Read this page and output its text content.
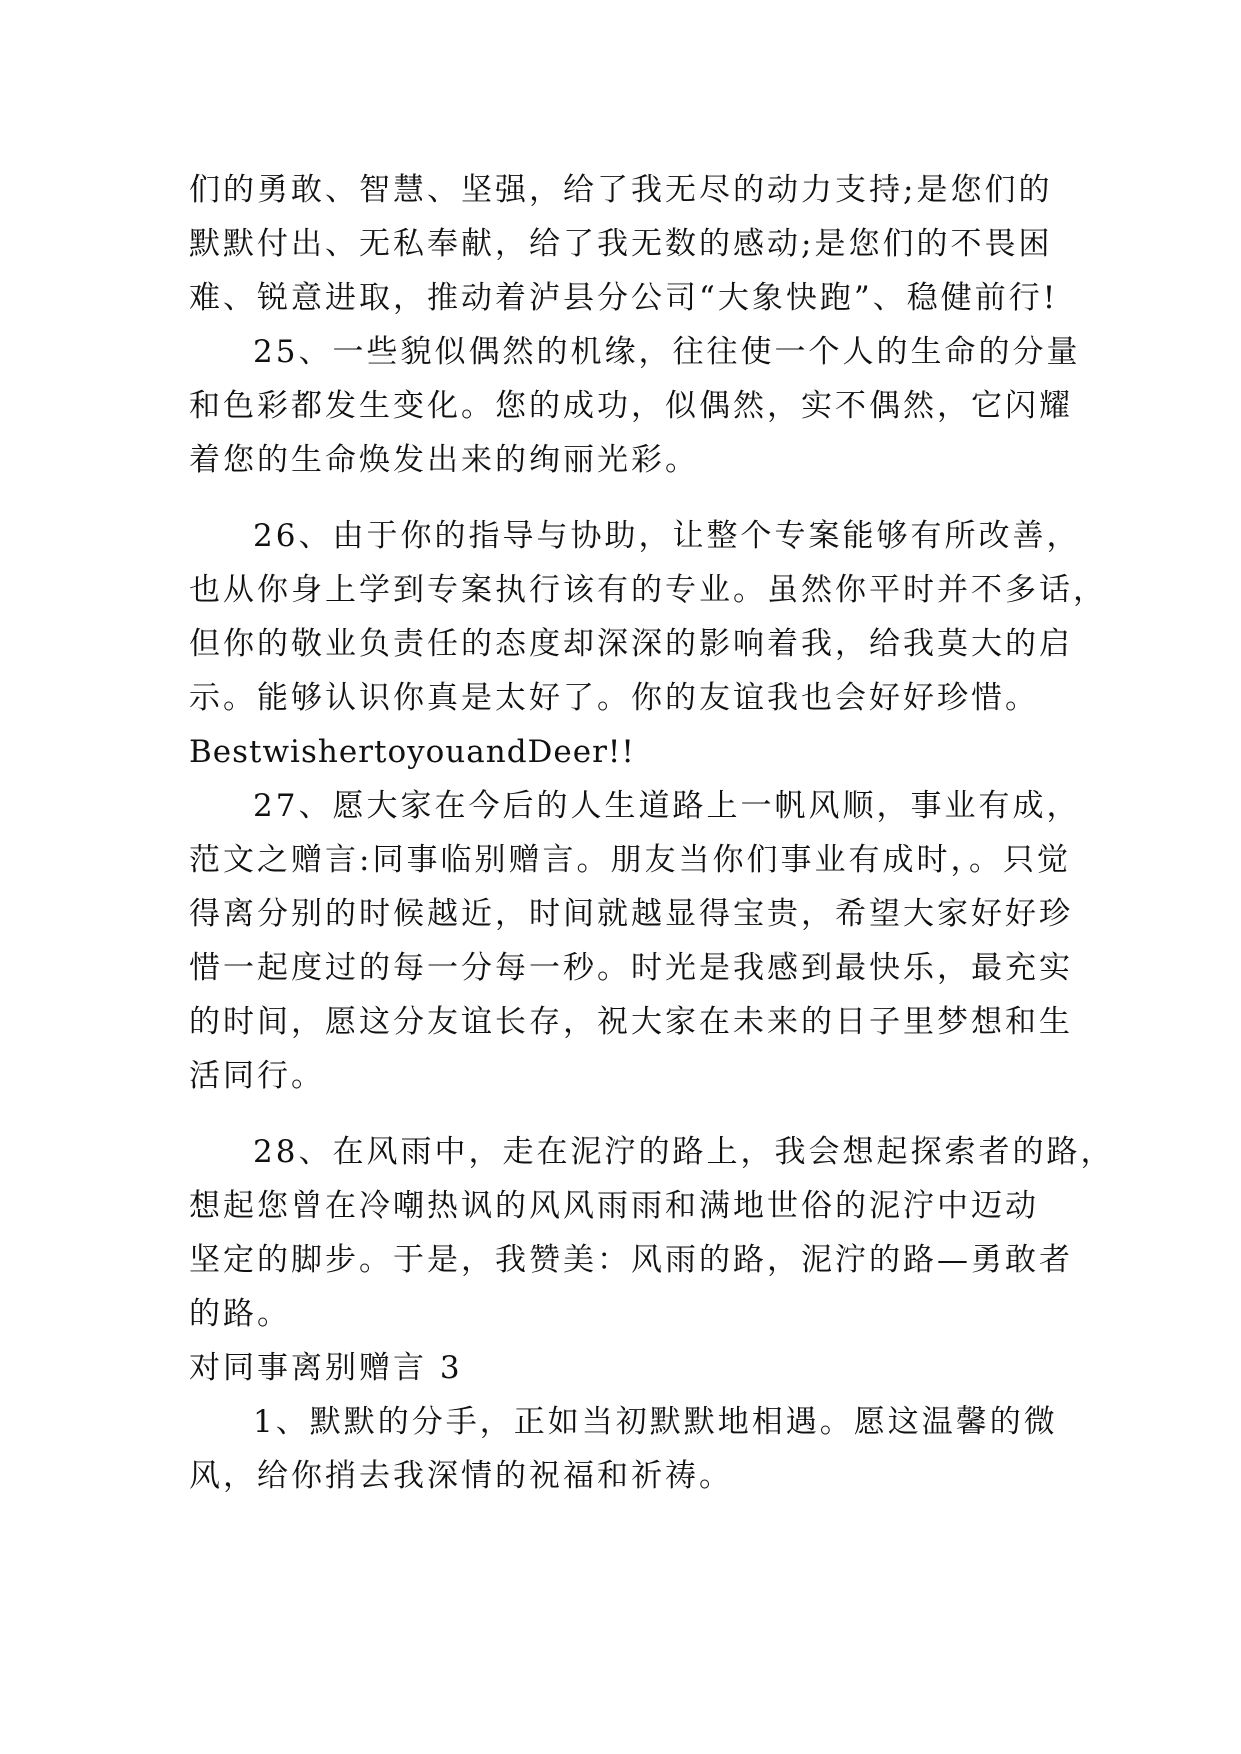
们的勇敢、智慧、坚强，给了我无尽的动力支持;是您们的
默默付出、无私奉献，给了我无数的感动;是您们的不畏困
难、锐意进取，推动着泸县分公司“大象快跑”、稳健前行!
25、一些貌似偶然的机缘，往往使一个人的生命的分量
和色彩都发生变化。您的成功，似偶然，实不偶然，它闪耀
着您的生命焕发出来的绚丽光彩。
26、由于你的指导与协助，让整个专案能够有所改善，
也从你身上学到专案执行该有的专业。虽然你平时并不多话，
但你的敬业负责任的态度却深深的影响着我，给我莫大的启
示。能够认识你真是太好了。你的友谊我也会好好珍惜。
BestwishertoyouandDeer!!
27、愿大家在今后的人生道路上一帆风顺，事业有成，
范文之赠言:同事临别赠言。朋友当你们事业有成时，。只觉
得离分别的时候越近，时间就越显得宝贵，希望大家好好珍
惜一起度过的每一分每一秒。时光是我感到最快乐，最充实
的时间，愿这分友谊长存，祝大家在未来的日子里梦想和生
活同行。
28、在风雨中，走在泥泞的路上，我会想起探索者的路，
想起您曾在冷嘲热讽的风风雨雨和满地世俗的泥泞中迈动
坚定的脚步。于是，我赞美：风雨的路，泥泞的路—勇敢者
的路。
对同事离别赠言 3
1、默默的分手，正如当初默默地相遇。愿这温馨的微
风，给你捎去我深情的祝福和祈祷。
